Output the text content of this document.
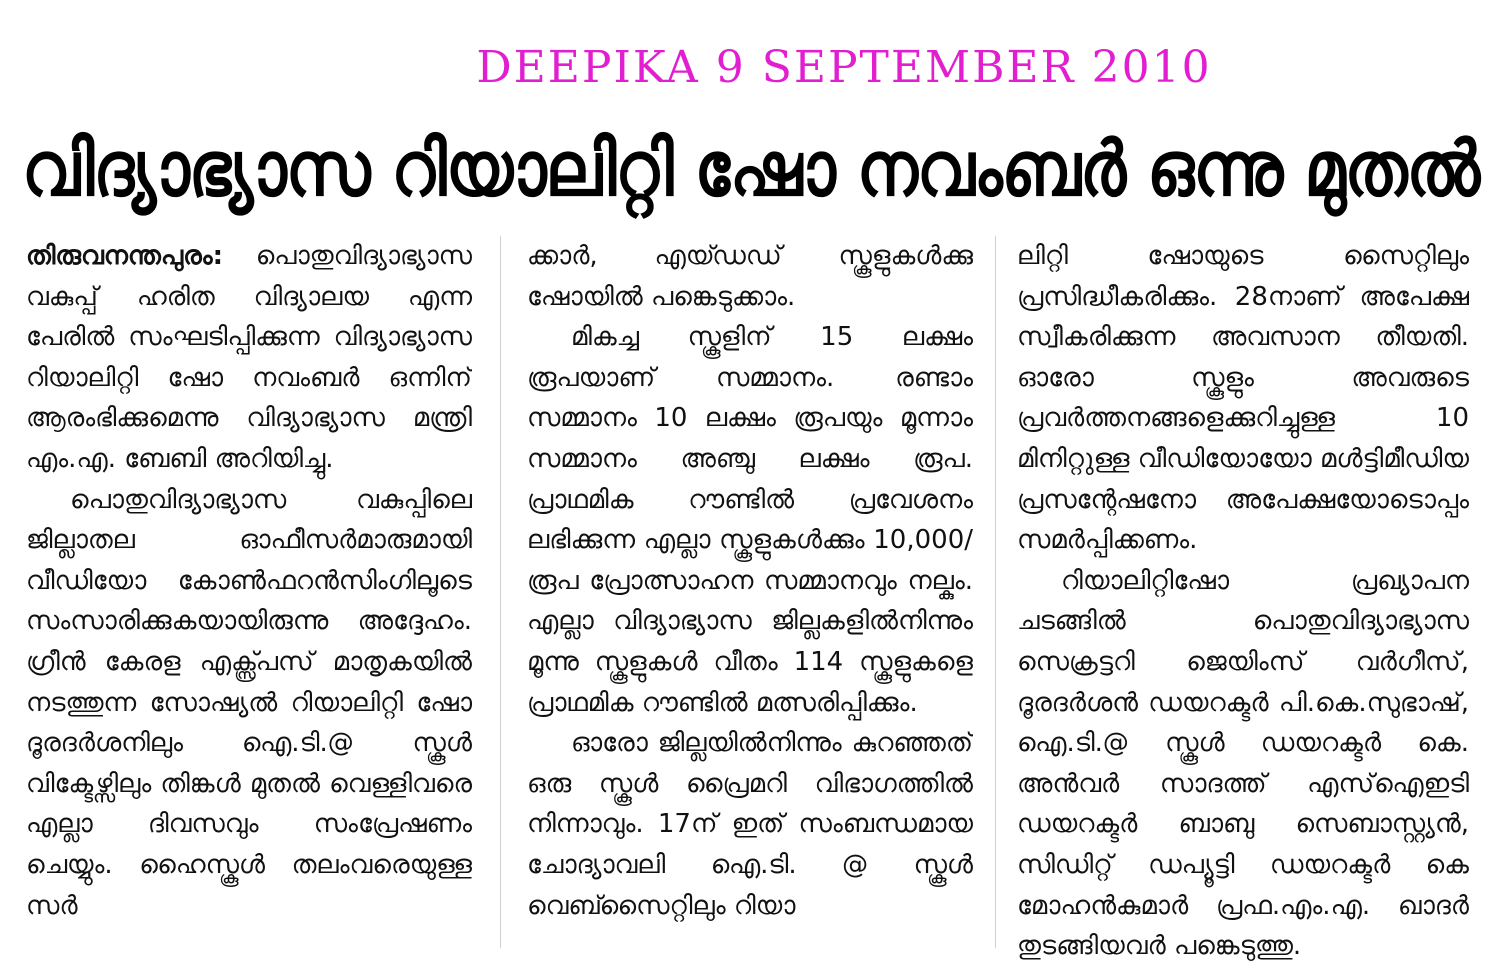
DEEPIKA 9 SEPTEMBER 2010
വിദ്യാഭ്യാസ റിയാലിറ്റി ഷോ നവംബർ ഒന്നു മുതൽ

തിരുവനന്തപുരം: പൊതുവിദ്യാഭ്യാസ വകുപ്പ് ഹരിത വിദ്യാലയ എന്ന പേരിൽ സംഘടിപ്പിക്കുന്ന വിദ്യാഭ്യാസ റിയാലിറ്റി ഷോ നവംബർ ഒന്നിന് ആരംഭിക്കുമെന്നു വിദ്യാഭ്യാസ മന്ത്രി എം.എ. ബേബി അറിയിച്ചു.

പൊതുവിദ്യാഭ്യാസ വകുപ്പിലെ ജില്ലാതല ഓഫീസർമാരുമായി വീഡിയോ കോൺഫറൻസിംഗിലൂടെ സംസാരിക്കുകയായിരുന്നു അദ്ദേഹം. ഗ്രീൻ കേരള എക്സ്പ്രസ് മാതൃകയിൽ നടത്തുന്ന സോഷ്യൽ റിയാലിറ്റി ഷോ ദൂരദർശനിലും ഐ.ടി.@ സ്കൂൾ വിക്ടേഴ്സിലും തിങ്കൾ മുതൽ വെള്ളിവരെ എല്ലാ ദിവസവും സംപ്രേഷണം ചെയ്യും. ഹൈസ്കൂൾ തലംവരെയുള്ള സർ

ക്കാർ, എയ്ഡഡ് സ്കൂളുകൾക്കു ഷോയിൽ പങ്കെടുക്കാം.

മികച്ച സ്കൂളിന് 15 ലക്ഷം രൂപയാണ് സമ്മാനം. രണ്ടാം സമ്മാനം 10 ലക്ഷം രൂപയും മൂന്നാം സമ്മാനം അഞ്ചു ലക്ഷം രൂപ. പ്രാഥമിക റൗണ്ടിൽ പ്രവേശനം ലഭിക്കുന്ന എല്ലാ സ്കൂളുകൾക്കും 10,000/ രൂപ പ്രോത്സാഹന സമ്മാനവും നല്കും. എല്ലാ വിദ്യാഭ്യാസ ജില്ലകളിൽനിന്നും മൂന്നു സ്കൂളുകൾ വീതം 114 സ്കൂളുകളെ പ്രാഥമിക റൗണ്ടിൽ മത്സരിപ്പിക്കും.

ഓരോ ജില്ലയിൽനിന്നും കുറഞ്ഞത് ഒരു സ്കൂൾ പ്രൈമറി വിഭാഗത്തിൽ നിന്നാവും. 17ന് ഇത് സംബന്ധമായ ചോദ്യാവലി ഐ.ടി. @ സ്കൂൾ വെബ്സൈറ്റിലും റിയാ

ലിറ്റി ഷോയുടെ സൈറ്റിലും പ്രസിദ്ധീകരിക്കും. 28നാണ് അപേക്ഷ സ്വീകരിക്കുന്ന അവസാന തീയതി. ഓരോ സ്കൂളും അവരുടെ പ്രവർത്തനങ്ങളെക്കുറിച്ചുള്ള 10 മിനിറ്റുള്ള വീഡിയോയോ മൾട്ടിമീഡിയ പ്രസന്റേഷനോ അപേക്ഷയോടൊപ്പം സമർപ്പിക്കണം.

റിയാലിറ്റിഷോ പ്രഖ്യാപന ചടങ്ങിൽ പൊതുവിദ്യാഭ്യാസ സെക്രട്ടറി ജെയിംസ് വർഗീസ്, ദൂരദർശൻ ഡയറക്ടർ പി.കെ.സുഭാഷ്, ഐ.ടി.@ സ്കൂൾ ഡയറക്ടർ കെ. അൻവർ സാദത്ത് എസ്ഐഇടി ഡയറക്ടർ ബാബു സെബാസ്റ്റ്യൻ, സിഡിറ്റ് ഡപ്യൂട്ടി ഡയറക്ടർ കെ മോഹൻകുമാർ പ്രഫ.എം.എ. ഖാദർ തുടങ്ങിയവർ പങ്കെടുത്തു.
